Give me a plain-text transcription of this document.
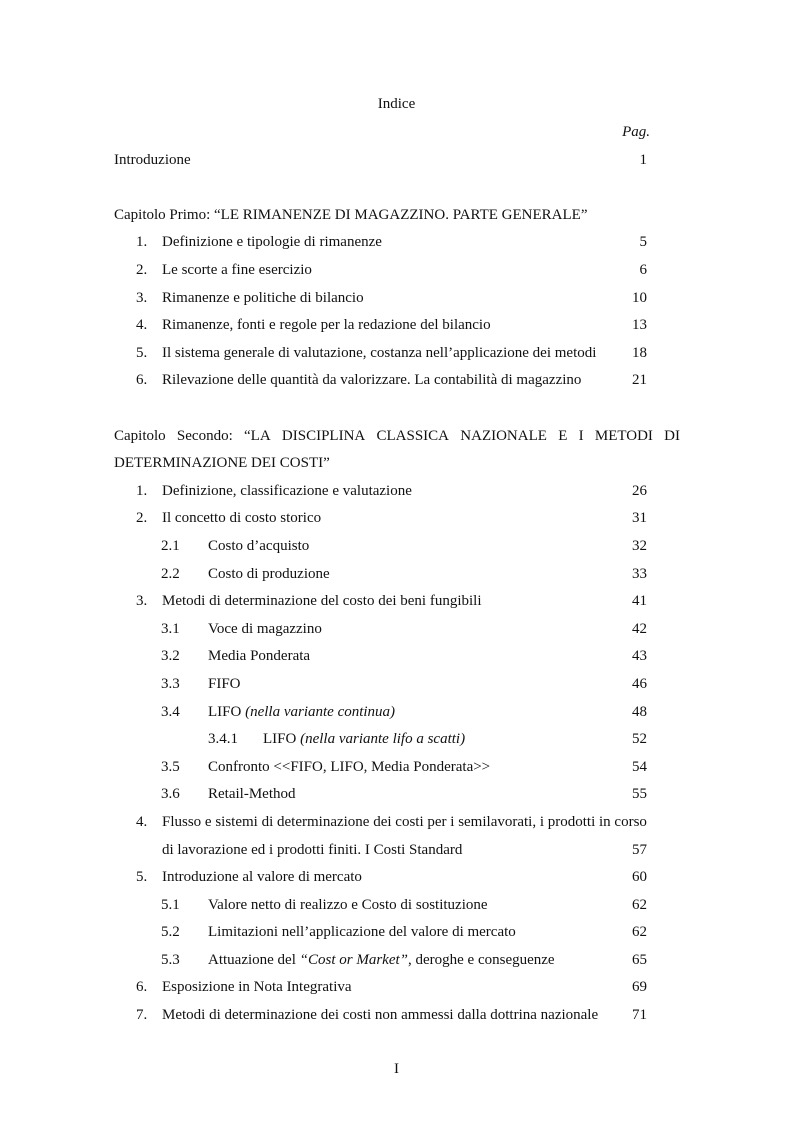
Indice
Pag.
Introduzione	1
Capitolo Primo: “LE RIMANENZE DI MAGAZZINO. PARTE GENERALE”
1. Definizione e tipologie di rimanenze	5
2. Le scorte a fine esercizio	6
3. Rimanenze e politiche di bilancio	10
4. Rimanenze, fonti e regole per la redazione del bilancio	13
5. Il sistema generale di valutazione, costanza nell’applicazione dei metodi 18
6. Rilevazione delle quantità da valorizzare. La contabilità di magazzino	21
Capitolo Secondo: “LA DISCIPLINA CLASSICA NAZIONALE E I METODI DI
DETERMINAZIONE DEI COSTI”
1. Definizione, classificazione e valutazione	26
2. Il concetto di costo storico	31
2.1 Costo d’acquisto	32
2.2 Costo di produzione	33
3. Metodi di determinazione del costo dei beni fungibili	41
3.1 Voce di magazzino	42
3.2 Media Ponderata	43
3.3 FIFO	46
3.4 LIFO (nella variante continua)	48
3.4.1 LIFO (nella variante lifo a scatti)	52
3.5 Confronto <<FIFO, LIFO, Media Ponderata>>	54
3.6 Retail-Method	55
4. Flusso e sistemi di determinazione dei costi per i semilavorati, i prodotti in corso
di lavorazione ed i prodotti finiti. I Costi Standard	57
5. Introduzione al valore di mercato	60
5.1 Valore netto di realizzo e Costo di sostituzione	62
5.2 Limitazioni nell’applicazione del valore di mercato	62
5.3 Attuazione del “Cost or Market”, deroghe e conseguenze	65
6. Esposizione in Nota Integrativa	69
7. Metodi di determinazione dei costi non ammessi dalla dottrina nazionale 71
I
